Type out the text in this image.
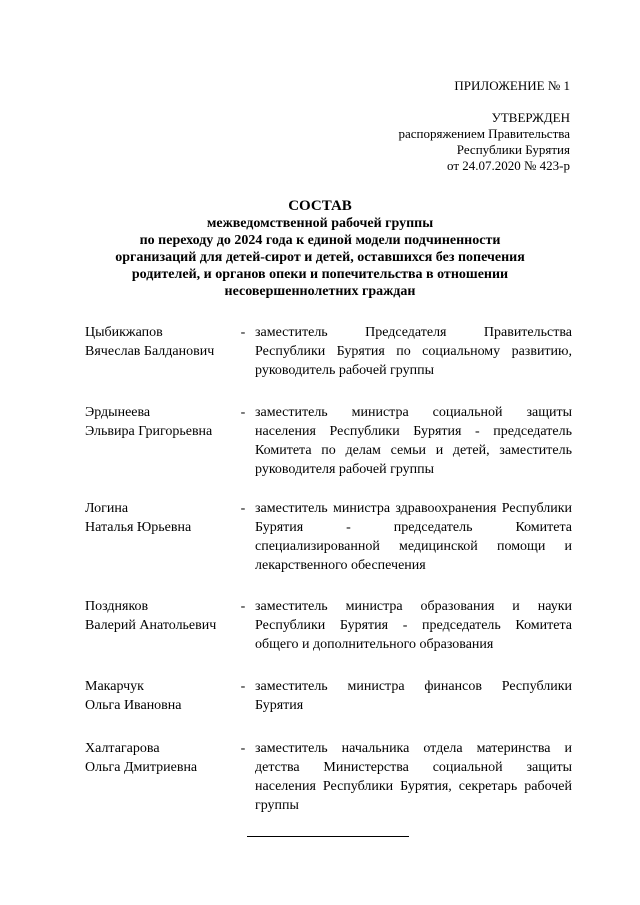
ПРИЛОЖЕНИЕ № 1
УТВЕРЖДЕН
распоряжением Правительства
Республики Бурятия
от 24.07.2020 № 423-р
СОСТАВ
межведомственной рабочей группы
по переходу до 2024 года к единой модели подчиненности
организаций для детей-сирот и детей, оставшихся без попечения
родителей, и органов опеки и попечительства в отношении
несовершеннолетних граждан
Цыбикжапов
Вячеслав Балданович
- заместитель Председателя Правительства Республики Бурятия по социальному развитию, руководитель рабочей группы
Эрдынеева
Эльвира Григорьевна
- заместитель министра социальной защиты населения Республики Бурятия - председатель Комитета по делам семьи и детей, заместитель руководителя рабочей группы
Логина
Наталья Юрьевна
- заместитель министра здравоохранения Республики Бурятия - председатель Комитета специализированной медицинской помощи и лекарственного обеспечения
Поздняков
Валерий Анатольевич
- заместитель министра образования и науки Республики Бурятия - председатель Комитета общего и дополнительного образования
Макарчук
Ольга Ивановна
- заместитель министра финансов Республики Бурятия
Халтагарова
Ольга Дмитриевна
- заместитель начальника отдела материнства и детства Министерства социальной защиты населения Республики Бурятия, секретарь рабочей группы
